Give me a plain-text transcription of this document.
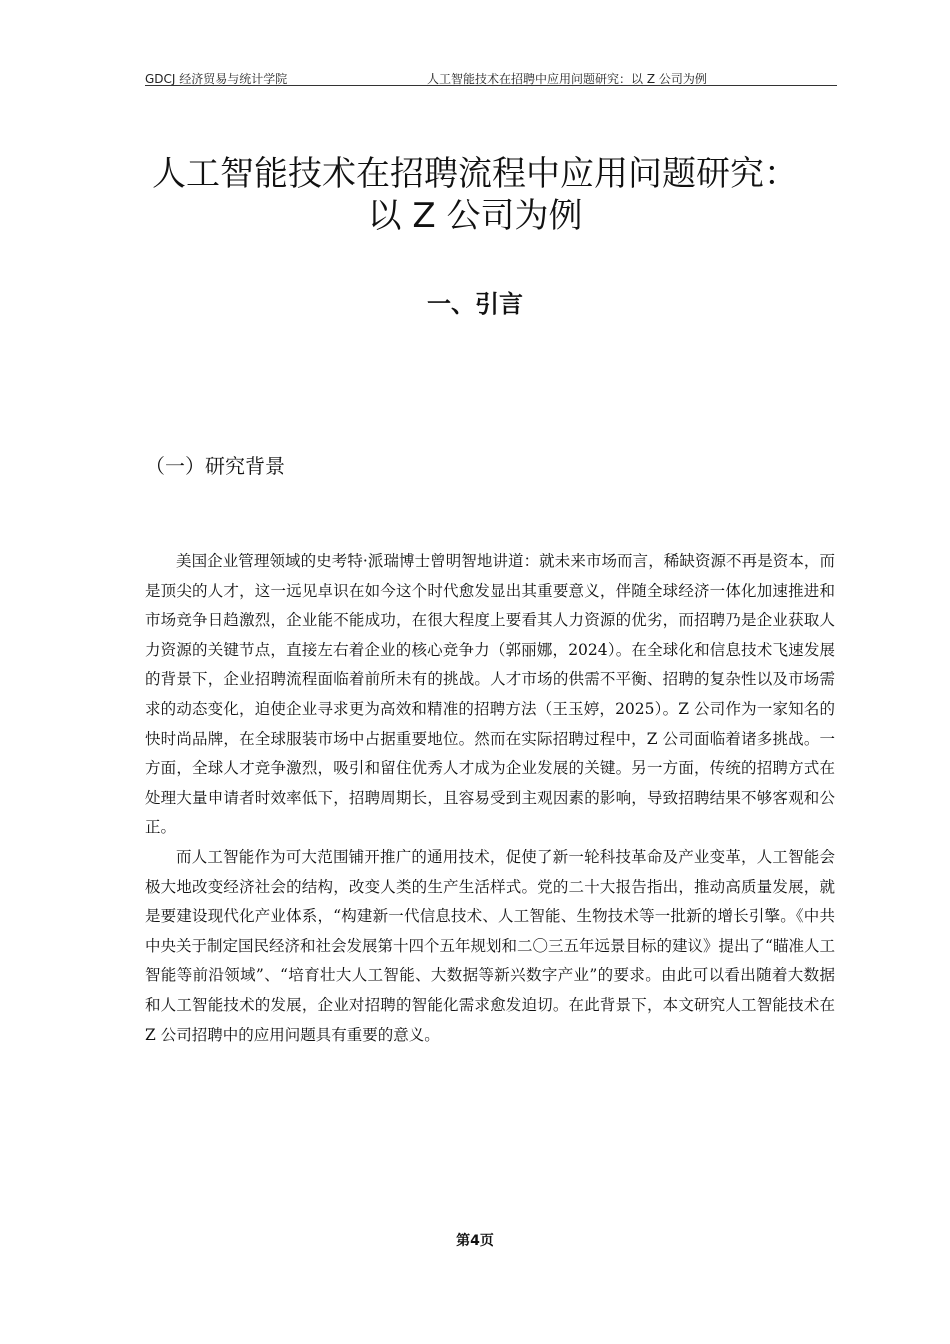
GDCJ 经济贸易与统计学院	人工智能技术在招聘中应用问题研究：以 Z 公司为例
人工智能技术在招聘流程中应用问题研究：
以 Z 公司为例
一、引言
（一）研究背景

美国企业管理领域的史考特·派瑞博士曾明智地讲道：就未来市场而言，稀缺资源不再是资本，而是顶尖的人才，这一远见卓识在如今这个时代愈发显出其重要意义，伴随全球经济一体化加速推进和市场竞争日趋激烈，企业能不能成功，在很大程度上要看其人力资源的优劣，而招聘乃是企业获取人力资源的关键节点，直接左右着企业的核心竞争力（郭丽娜，2024）。在全球化和信息技术飞速发展的背景下，企业招聘流程面临着前所未有的挑战。人才市场的供需不平衡、招聘的复杂性以及市场需求的动态变化，迫使企业寻求更为高效和精准的招聘方法（王玉婷，2025）。Z 公司作为一家知名的快时尚品牌，在全球服装市场中占据重要地位。然而在实际招聘过程中，Z 公司面临着诸多挑战。一方面，全球人才竞争激烈，吸引和留住优秀人才成为企业发展的关键。另一方面，传统的招聘方式在处理大量申请者时效率低下，招聘周期长，且容易受到主观因素的影响，导致招聘结果不够客观和公正。

而人工智能作为可大范围铺开推广的通用技术，促使了新一轮科技革命及产业变革，人工智能会极大地改变经济社会的结构，改变人类的生产生活样式。党的二十大报告指出，推动高质量发展，就是要建设现代化产业体系，“构建新一代信息技术、人工智能、生物技术等一批新的增长引擎。《中共中央关于制定国民经济和社会发展第十四个五年规划和二〇三五年远景目标的建议》提出了“瞄准人工智能等前沿领域”、“培育壮大人工智能、大数据等新兴数字产业”的要求。由此可以看出随着大数据和人工智能技术的发展，企业对招聘的智能化需求愈发迫切。在此背景下，本文研究人工智能技术在 Z 公司招聘中的应用问题具有重要的意义。

第4页
